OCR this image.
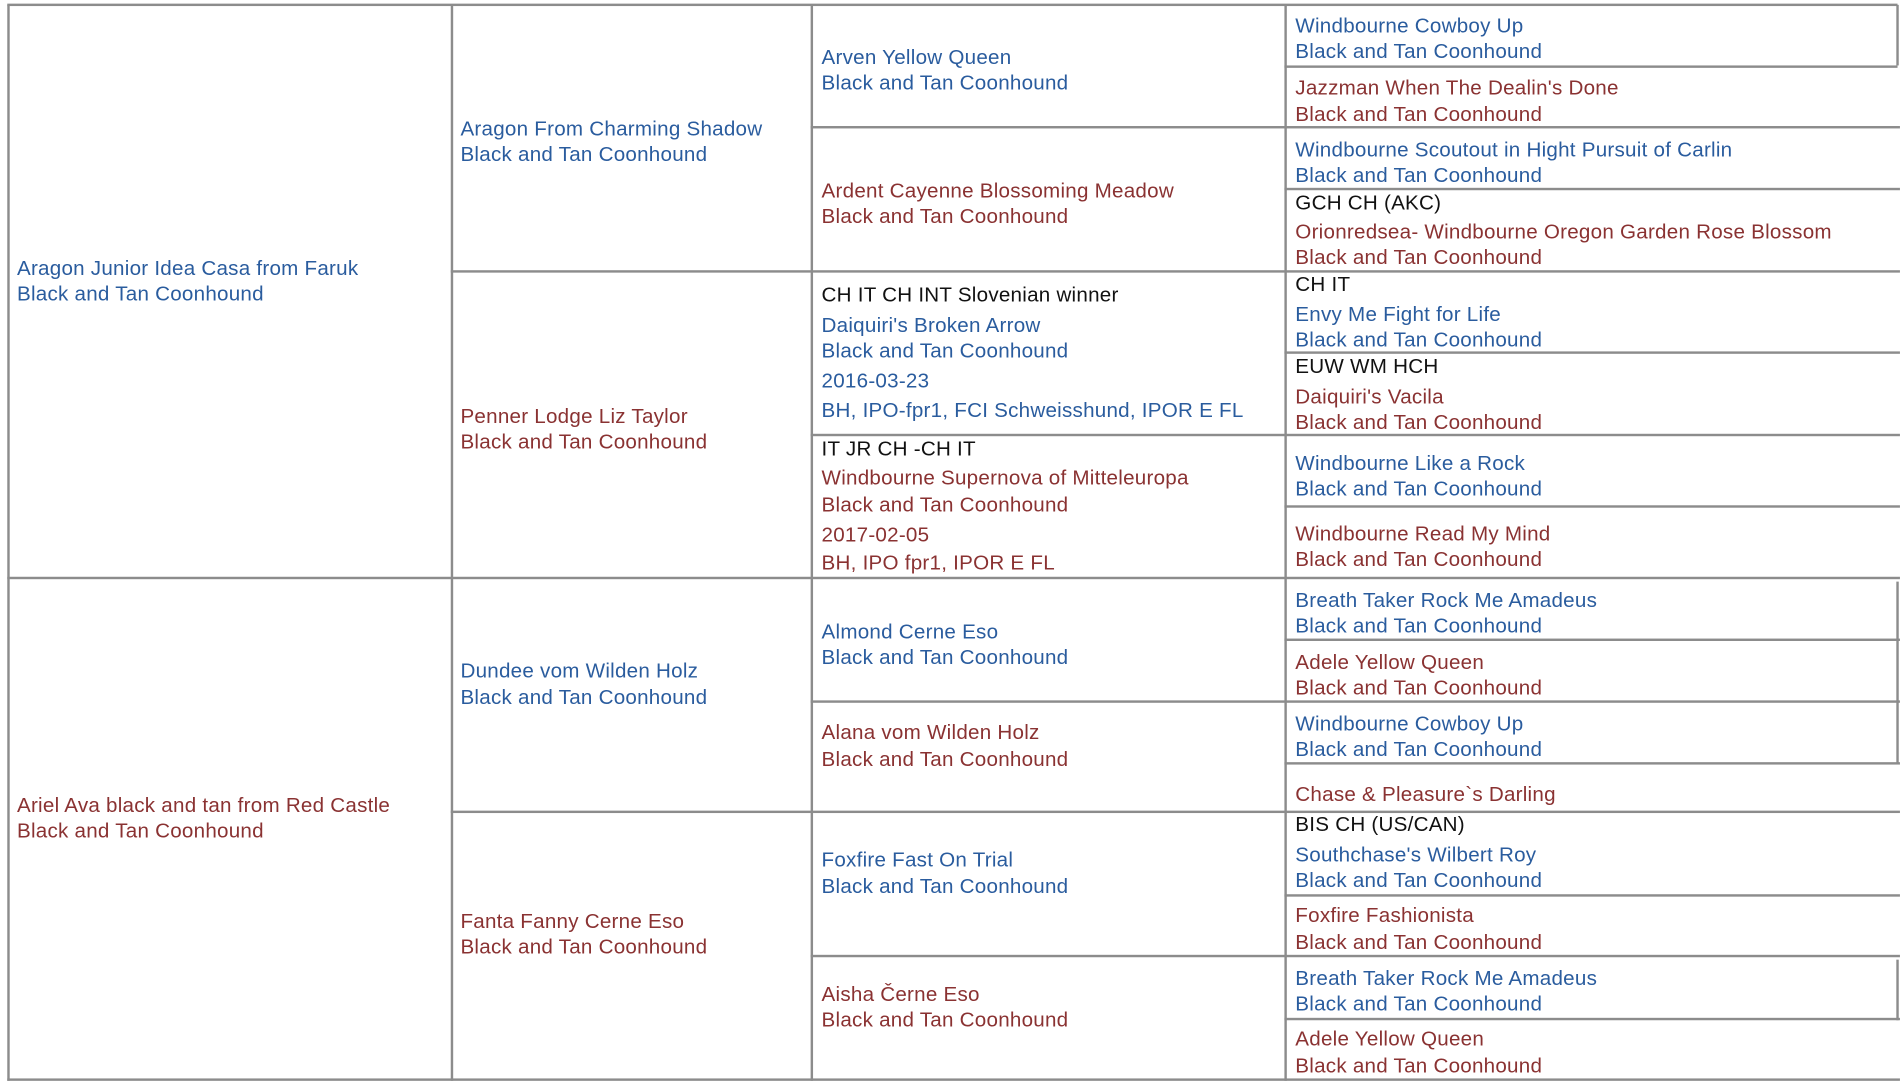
Aragon Junior Idea Casa from Faruk
Black and Tan Coonhound
Ariel Ava black and tan from Red Castle
Black and Tan Coonhound
Aragon From Charming Shadow
Black and Tan Coonhound
Penner Lodge Liz Taylor
Black and Tan Coonhound
Dundee vom Wilden Holz
Black and Tan Coonhound
Fanta Fanny Cerne Eso
Black and Tan Coonhound
Arven Yellow Queen
Black and Tan Coonhound
Ardent Cayenne Blossoming Meadow
Black and Tan Coonhound
CH IT CH INT Slovenian winner
Daiquiri's Broken Arrow
Black and Tan Coonhound
2016-03-23
BH, IPO-fpr1, FCI Schweisshund, IPOR E FL
IT JR CH -CH IT
Windbourne Supernova of Mitteleuropa
Black and Tan Coonhound
2017-02-05
BH, IPO fpr1, IPOR E FL
Almond Cerne Eso
Black and Tan Coonhound
Alana vom Wilden Holz
Black and Tan Coonhound
Foxfire Fast On Trial
Black and Tan Coonhound
Aisha Černe Eso
Black and Tan Coonhound
Windbourne Cowboy Up
Black and Tan Coonhound
Jazzman When The Dealin's Done
Black and Tan Coonhound
Windbourne Scoutout in Hight Pursuit of Carlin
Black and Tan Coonhound
GCH CH (AKC)
Orionredsea- Windbourne Oregon Garden Rose Blossom
Black and Tan Coonhound
CH IT
Envy Me Fight for Life
Black and Tan Coonhound
EUW WM HCH
Daiquiri's Vacila
Black and Tan Coonhound
Windbourne Like a Rock
Black and Tan Coonhound
Windbourne Read My Mind
Black and Tan Coonhound
Breath Taker Rock Me Amadeus
Black and Tan Coonhound
Adele Yellow Queen
Black and Tan Coonhound
Windbourne Cowboy Up
Black and Tan Coonhound
Chase & Pleasure`s Darling
BIS CH (US/CAN)
Southchase's Wilbert Roy
Black and Tan Coonhound
Foxfire Fashionista
Black and Tan Coonhound
Breath Taker Rock Me Amadeus
Black and Tan Coonhound
Adele Yellow Queen
Black and Tan Coonhound
